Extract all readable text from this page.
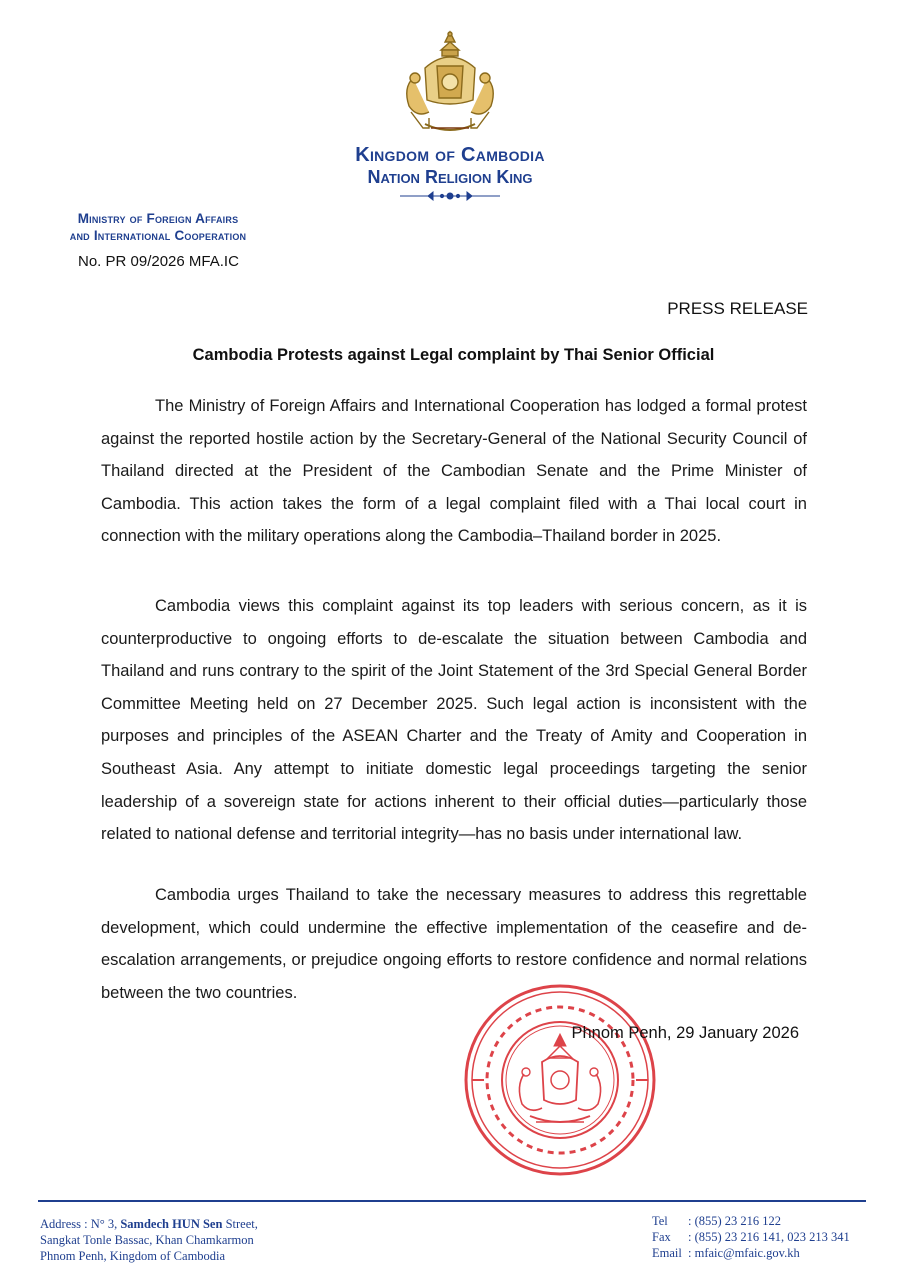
Kingdom of Cambodia
Nation Religion King
Ministry of Foreign Affairs
and International Cooperation
No. PR 09/2026 MFA.IC
PRESS RELEASE
Cambodia Protests against Legal complaint by Thai Senior Official
The Ministry of Foreign Affairs and International Cooperation has lodged a formal protest against the reported hostile action by the Secretary-General of the National Security Council of Thailand directed at the President of the Cambodian Senate and the Prime Minister of Cambodia. This action takes the form of a legal complaint filed with a Thai local court in connection with the military operations along the Cambodia–Thailand border in 2025.
Cambodia views this complaint against its top leaders with serious concern, as it is counterproductive to ongoing efforts to de-escalate the situation between Cambodia and Thailand and runs contrary to the spirit of the Joint Statement of the 3rd Special General Border Committee Meeting held on 27 December 2025. Such legal action is inconsistent with the purposes and principles of the ASEAN Charter and the Treaty of Amity and Cooperation in Southeast Asia. Any attempt to initiate domestic legal proceedings targeting the senior leadership of a sovereign state for actions inherent to their official duties—particularly those related to national defense and territorial integrity—has no basis under international law.
Cambodia urges Thailand to take the necessary measures to address this regrettable development, which could undermine the effective implementation of the ceasefire and de-escalation arrangements, or prejudice ongoing efforts to restore confidence and normal relations between the two countries.
Phnom Penh, 29 January 2026
Address : N° 3, Samdech HUN Sen Street,
Sangkat Tonle Bassac, Khan Chamkarmon
Phnom Penh, Kingdom of Cambodia
Tel : (855) 23 216 122
Fax : (855) 23 216 141, 023 213 341
Email : mfaic@mfaic.gov.kh
